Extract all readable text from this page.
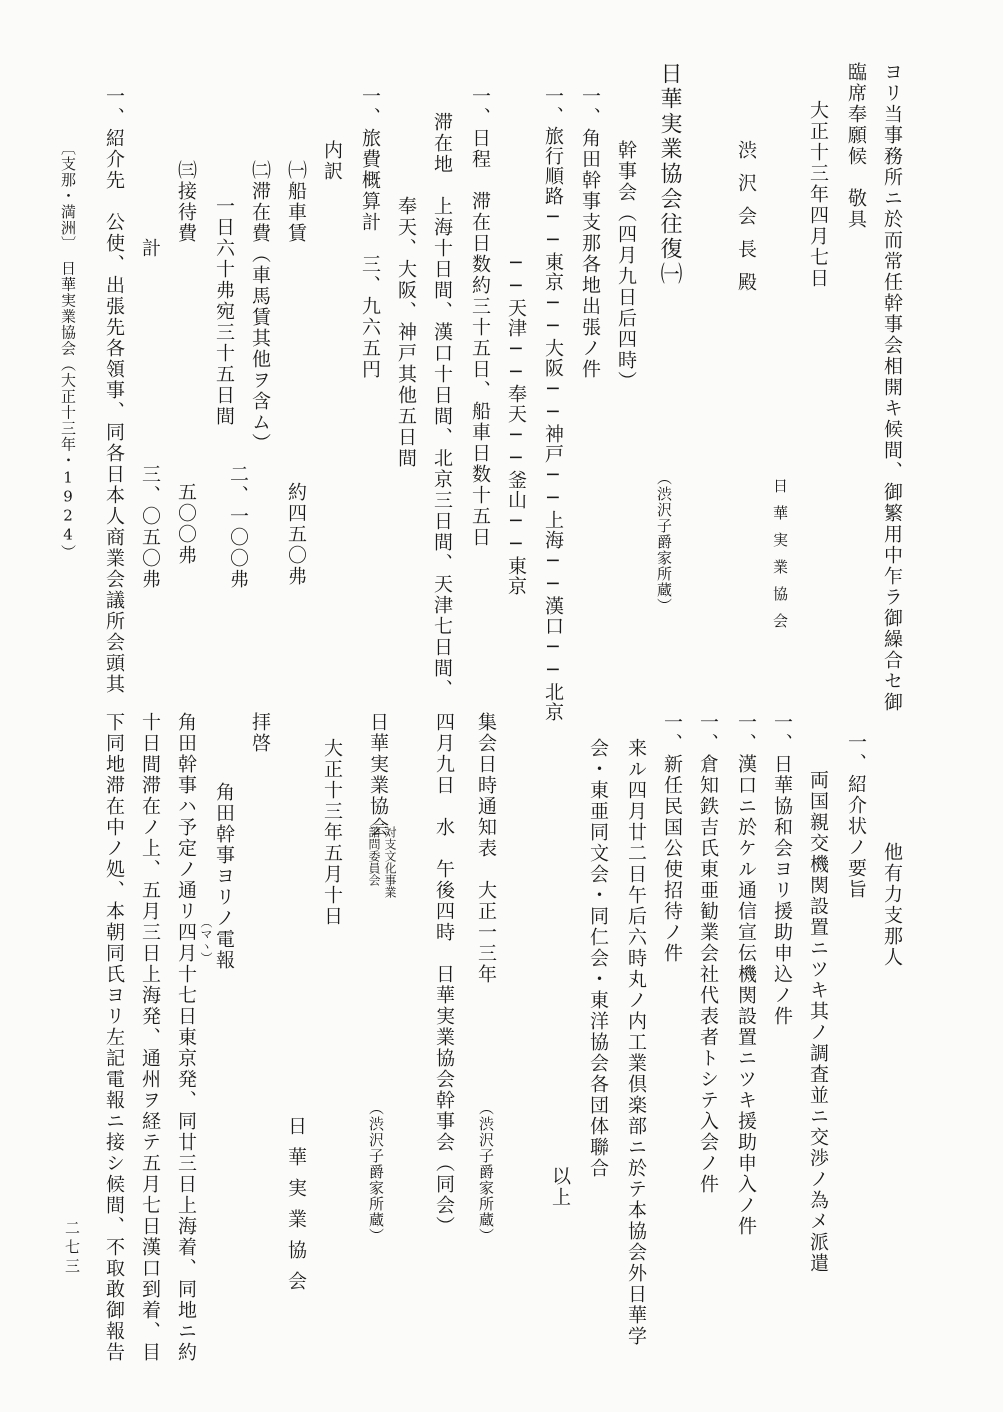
ヨリ当事務所ニ於而常任幹事会相開キ候間、御繁用中乍ラ御繰合セ御
臨席奉願候　敬具
大正十三年四月七日
日華実業協会
渋沢会長殿
日華実業協会往復㈠
（渋沢子爵家所蔵）
幹事会（四月九日后四時）
一、角田幹事支那各地出張ノ件
一、旅行順路──東京──大阪──神戸──上海──漢口──北京
──天津──奉天──釜山──東京
一、日程　滞在日数約三十五日、船車日数十五日
滞在地　上海十日間、漢口十日間、北京三日間、天津七日間、
奉天、大阪、神戸其他五日間
一、旅費概算計　三、九六五円
内訳
㈠船車賃
約四五〇弗
㈡滞在費（車馬賃其他ヲ含ム）
一日六十弗宛三十五日間
二、一〇〇弗
㈢接待費
五〇〇弗
計
三、〇五〇弗
一、紹介先　公使、出張先各領事、同各日本人商業会議所会頭其
〔支那・満洲〕　日華実業協会（大正十三年・1924）
他有力支那人
一、紹介状ノ要旨
両国親交機関設置ニツキ其ノ調査並ニ交渉ノ為メ派遣
一、日華協和会ヨリ援助申込ノ件
一、漢口ニ於ケル通信宣伝機関設置ニツキ援助申入ノ件
一、倉知鉄吉氏東亜勧業会社代表者トシテ入会ノ件
一、新任民国公使招待ノ件
来ル四月廿二日午后六時丸ノ内工業倶楽部ニ於テ本協会外日華学
会・東亜同文会・同仁会・東洋協会各団体聯合
以上
集会日時通知表　大正一三年
（渋沢子爵家所蔵）
四月九日　水　午後四時　日華実業協会幹事会（同会）
日華実業協会
対支文化事業
諮問委員会
（渋沢子爵家所蔵）
大正十三年五月十日
日華実業協会
拝啓
角田幹事ヨリノ電報
（マヽ）
角田幹事ハ予定ノ通リ四月十七日東京発、同廿三日上海着、同地ニ約
十日間滞在ノ上、五月三日上海発、通州ヲ経テ五月七日漢口到着、目
下同地滞在中ノ処、本朝同氏ヨリ左記電報ニ接シ候間、不取敢御報告
二七三
